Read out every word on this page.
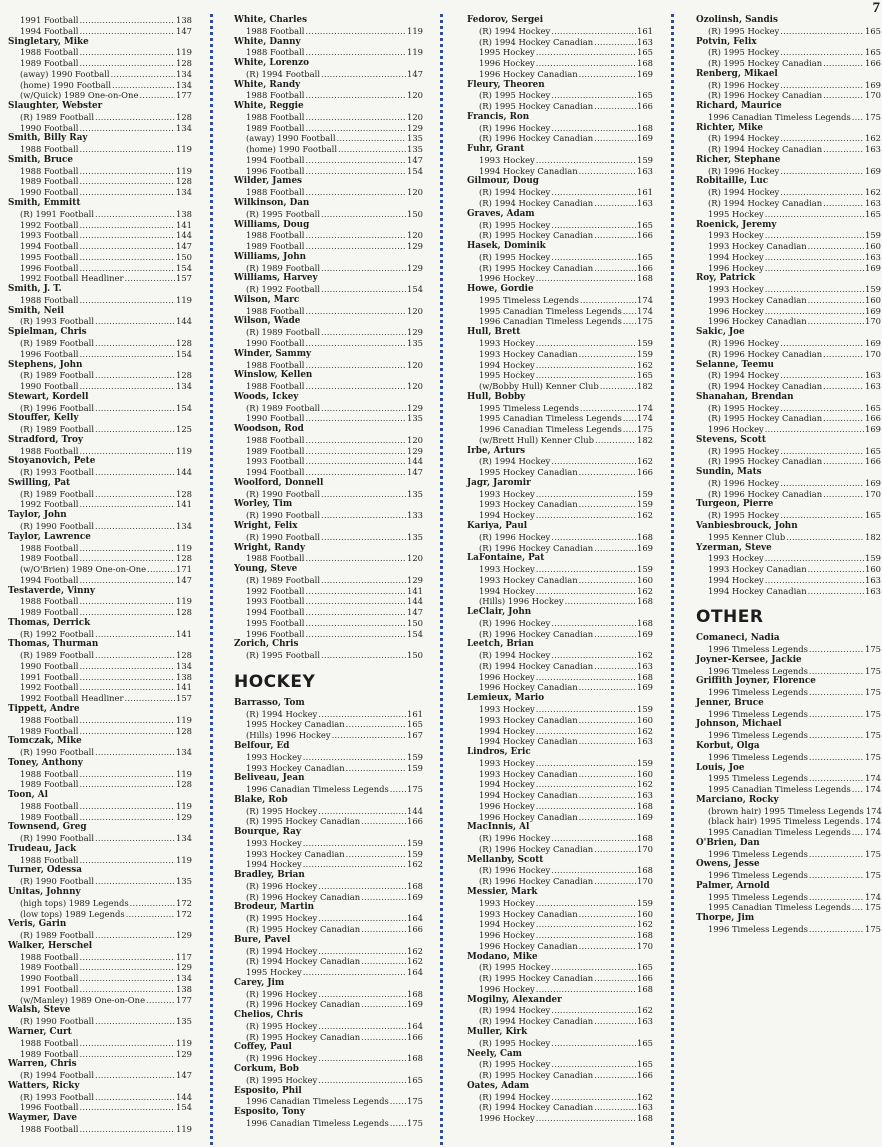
7
1991 Football .....	138
1994 Football .....	147
Singletary, Mike
1988 Football .....	119
1989 Football .....	128
(away) 1990 Football .....	134
(home) 1990 Football .....	134
(w/Quick) 1989 One-on-One .....	177
Slaughter, Webster
(R) 1989 Football .....	128
1990 Football .....	134
Smith, Billy Ray
1988 Football .....	119
Smith, Bruce
1988 Football .....	119
1989 Football .....	128
1990 Football .....	134
Smith, Emmitt
(R) 1991 Football .....	138
1992 Football .....	141
1993 Football .....	144
1994 Football .....	147
1995 Football .....	150
1996 Football .....	154
1992 Football Headliner .....	157
Smith, J. T.
1988 Football .....	119
Smith, Neil
(R) 1993 Football .....	144
Spielman, Chris
(R) 1989 Football .....	128
1996 Football .....	154
Stephens, John
(R) 1989 Football .....	128
1990 Football .....	134
Stewart, Kordell
(R) 1996 Football .....	154
Stouffer, Kelly
(R) 1989 Football .....	125
Stradford, Troy
1988 Football .....	119
Stoyanovich, Pete
(R) 1993 Football .....	144
Swilling, Pat
(R) 1989 Football .....	128
1992 Football .....	141
Taylor, John
(R) 1990 Football .....	134
Taylor, Lawrence
1988 Football .....	119
1989 Football .....	128
(w/O'Brien) 1989 One-on-One .....	171
1994 Football .....	147
Testaverde, Vinny
1988 Football .....	119
1989 Football .....	128
Thomas, Derrick
(R) 1992 Football .....	141
Thomas, Thurman
(R) 1989 Football .....	128
1990 Football .....	134
1991 Football .....	138
1992 Football .....	141
1992 Football Headliner .....	157
Tippett, Andre
1988 Football .....	119
1989 Football .....	128
Tomczak, Mike
(R) 1990 Football .....	134
Toney, Anthony
1988 Football .....	119
1989 Football .....	128
Toon, Al
1988 Football .....	119
1989 Football .....	129
Townsend, Greg
(R) 1990 Football .....	134
Trudeau, Jack
1988 Football .....	119
Turner, Odessa
(R) 1990 Football .....	135
Unitas, Johnny
(high tops) 1989 Legends .....	172
(low tops) 1989 Legends .....	172
Veris, Garin
(R) 1989 Football .....	129
Walker, Herschel
1988 Football .....	117
1989 Football .....	129
1990 Football .....	134
1991 Football .....	138
(w/Manley) 1989 One-on-One .....	177
Walsh, Steve
(R) 1990 Football .....	135
Warner, Curt
1988 Football .....	119
1989 Football .....	129
Warren, Chris
(R) 1994 Football .....	147
Watters, Ricky
(R) 1993 Football .....	144
1996 Football .....	154
Waymer, Dave
1988 Football .....	119
White, Charles
1988 Football .....	119
White, Danny
1988 Football .....	119
White, Lorenzo
(R) 1994 Football .....	147
White, Randy
1988 Football .....	120
White, Reggie
1988 Football .....	120
1989 Football .....	129
(away) 1990 Football .....	135
(home) 1990 Football .....	135
1994 Football .....	147
1996 Football .....	154
Wilder, James
1988 Football .....	120
Wilkinson, Dan
(R) 1995 Football .....	150
Williams, Doug
1988 Football .....	120
1989 Football .....	129
Williams, John
(R) 1989 Football .....	129
Williams, Harvey
(R) 1992 Football .....	154
Wilson, Marc
1988 Football .....	120
Wilson, Wade
(R) 1989 Football .....	129
1990 Football .....	135
Winder, Sammy
1988 Football .....	120
Winslow, Kellen
1988 Football .....	120
Woods, Ickey
(R) 1989 Football .....	129
1990 Football .....	135
Woodson, Rod
1988 Football .....	120
1989 Football .....	129
1993 Football .....	144
1994 Football .....	147
Woolford, Donnell
(R) 1990 Football .....	135
Worley, Tim
(R) 1990 Football .....	133
Wright, Felix
(R) 1990 Football .....	135
Wright, Randy
1988 Football .....	120
Young, Steve
(R) 1989 Football .....	129
1992 Football .....	141
1993 Football .....	144
1994 Football .....	147
1995 Football .....	150
1996 Football .....	154
Zorich, Chris
(R) 1995 Football .....	150
HOCKEY
Barrasso, Tom
(R) 1994 Hockey .....	161
1995 Hockey Canadian .....	165
(Hills) 1996 Hockey .....	167
Belfour, Ed
1993 Hockey .....	159
1993 Hockey Canadian .....	159
Beliveau, Jean
1996 Canadian Timeless Legends ..... 175
Blake, Rob
(R) 1995 Hockey .....	144
(R) 1995 Hockey Canadian .....	166
Bourque, Ray
1993 Hockey .....	159
1993 Hockey Canadian .....	159
1994 Hockey .....	162
Bradley, Brian
(R) 1996 Hockey .....	168
(R) 1996 Hockey Canadian .....	169
Brodeur, Martin
(R) 1995 Hockey .....	164
(R) 1995 Hockey Canadian .....	166
Bure, Pavel
(R) 1994 Hockey .....	162
(R) 1994 Hockey Canadian .....	162
1995 Hockey .....	164
Carey, Jim
(R) 1996 Hockey .....	168
(R) 1996 Hockey Canadian .....	169
Chelios, Chris
(R) 1995 Hockey .....	164
(R) 1995 Hockey Canadian .....	166
Coffey, Paul
(R) 1996 Hockey .....	168
Corkum, Bob
(R) 1995 Hockey .....	165
Esposito, Phil
1996 Canadian Timeless Legends ..... 175
Esposito, Tony
1996 Canadian Timeless Legends ..... 175
Fedorov, Sergei
(R) 1994 Hockey .....	161
(R) 1994 Hockey Canadian .....	163
1995 Hockey .....	165
1996 Hockey .....	168
1996 Hockey Canadian .....	169
Fleury, Theoren
(R) 1995 Hockey .....	165
(R) 1995 Hockey Canadian .....	166
Francis, Ron
(R) 1996 Hockey .....	168
(R) 1996 Hockey Canadian .....	169
Fuhr, Grant
1993 Hockey .....	159
1994 Hockey Canadian .....	163
Gilmour, Doug
(R) 1994 Hockey .....	161
(R) 1994 Hockey Canadian .....	163
Graves, Adam
(R) 1995 Hockey .....	165
(R) 1995 Hockey Canadian .....	166
Hasek, Dominik
(R) 1995 Hockey .....	165
(R) 1995 Hockey Canadian .....	166
1996 Hockey .....	168
Howe, Gordie
1995 Timeless Legends .....	174
1995 Canadian Timeless Legends ..... 174
1996 Canadian Timeless Legends ..... 175
Hull, Brett
1993 Hockey .....	159
1993 Hockey Canadian .....	159
1994 Hockey .....	162
1995 Hockey .....	165
(w/Bobby Hull) Kenner Club .....	182
Hull, Bobby
1995 Timeless Legends .....	174
1995 Canadian Timeless Legends ..... 174
1996 Canadian Timeless Legends ..... 175
(w/Brett Hull) Kenner Club .....	182
Irbe, Arturs
(R) 1994 Hockey .....	162
1995 Hockey Canadian .....	166
Jagr, Jaromir
1993 Hockey .....	159
1993 Hockey Canadian .....	159
1994 Hockey .....	162
Kariya, Paul
(R) 1996 Hockey .....	168
(R) 1996 Hockey Canadian .....	169
LaFontaine, Pat
1993 Hockey .....	159
1993 Hockey Canadian .....	160
1994 Hockey .....	162
(Hills) 1996 Hockey .....	168
LeClair, John
(R) 1996 Hockey .....	168
(R) 1996 Hockey Canadian .....	169
Leetch, Brian
(R) 1994 Hockey .....	162
(R) 1994 Hockey Canadian .....	163
1996 Hockey .....	168
1996 Hockey Canadian .....	169
Lemieux, Mario
1993 Hockey .....	159
1993 Hockey Canadian .....	160
1994 Hockey .....	162
1994 Hockey Canadian .....	163
Lindros, Eric
1993 Hockey .....	159
1993 Hockey Canadian .....	160
1994 Hockey .....	162
1994 Hockey Canadian .....	163
1996 Hockey .....	168
1996 Hockey Canadian .....	169
MacInnis, Al
(R) 1996 Hockey .....	168
(R) 1996 Hockey Canadian .....	170
Mellanby, Scott
(R) 1996 Hockey .....	168
(R) 1996 Hockey Canadian .....	170
Messier, Mark
1993 Hockey .....	159
1993 Hockey Canadian .....	160
1994 Hockey .....	162
1996 Hockey .....	168
1996 Hockey Canadian .....	170
Modano, Mike
(R) 1995 Hockey .....	165
(R) 1995 Hockey Canadian .....	166
1996 Hockey .....	168
Mogilny, Alexander
(R) 1994 Hockey .....	162
(R) 1994 Hockey Canadian .....	163
Muller, Kirk
(R) 1995 Hockey .....	165
Neely, Cam
(R) 1995 Hockey .....	165
(R) 1995 Hockey Canadian .....	166
Oates, Adam
(R) 1994 Hockey .....	162
(R) 1994 Hockey Canadian .....	163
1996 Hockey .....	168
Ozolinsh, Sandis
(R) 1995 Hockey .....	165
Potvin, Felix
(R) 1995 Hockey .....	165
(R) 1995 Hockey Canadian .....	166
Renberg, Mikael
(R) 1996 Hockey .....	169
(R) 1996 Hockey Canadian .....	170
Richard, Maurice
1996 Canadian Timeless Legends ..... 175
Richter, Mike
(R) 1994 Hockey .....	162
(R) 1994 Hockey Canadian .....	163
Richer, Stephane
(R) 1996 Hockey .....	169
Robitaille, Luc
(R) 1994 Hockey .....	162
(R) 1994 Hockey Canadian .....	163
1995 Hockey .....	165
Roenick, Jeremy
1993 Hockey .....	159
1993 Hockey Canadian .....	160
1994 Hockey .....	163
1996 Hockey .....	169
Roy, Patrick
1993 Hockey .....	159
1993 Hockey Canadian .....	160
1996 Hockey .....	169
1996 Hockey Canadian .....	170
Sakic, Joe
(R) 1996 Hockey .....	169
(R) 1996 Hockey Canadian .....	170
Selanne, Teemu
(R) 1994 Hockey .....	163
(R) 1994 Hockey Canadian .....	163
Shanahan, Brendan
(R) 1995 Hockey .....	165
(R) 1995 Hockey Canadian .....	166
1996 Hockey .....	169
Stevens, Scott
(R) 1995 Hockey .....	165
(R) 1995 Hockey Canadian .....	166
Sundin, Mats
(R) 1996 Hockey .....	169
(R) 1996 Hockey Canadian .....	170
Turgeon, Pierre
(R) 1995 Hockey .....	165
Vanbiesbrouck, John
1995 Kenner Club .....	182
Yzerman, Steve
1993 Hockey .....	159
1993 Hockey Canadian .....	160
1994 Hockey .....	163
1994 Hockey Canadian .....	163
OTHER
Comaneci, Nadia
1996 Timeless Legends .....	175
Joyner-Kersee, Jackie
1996 Timeless Legends .....	175
Griffith Joyner, Florence
1996 Timeless Legends .....	175
Jenner, Bruce
1996 Timeless Legends .....	175
Johnson, Michael
1996 Timeless Legends .....	175
Korbut, Olga
1996 Timeless Legends .....	175
Louis, Joe
1995 Timeless Legends .....	174
1995 Canadian Timeless Legends ..... 174
Marciano, Rocky
(brown hair) 1995 Timeless Legends 174
(black hair) 1995 Timeless Legends ..... 174
1995 Canadian Timeless Legends ..... 174
O'Brien, Dan
1996 Timeless Legends .....	175
Owens, Jesse
1996 Timeless Legends .....	175
Palmer, Arnold
1995 Timeless Legends .....	174
1995 Canadian Timeless Legends ..... 175
Thorpe, Jim
1996 Timeless Legends .....	175
